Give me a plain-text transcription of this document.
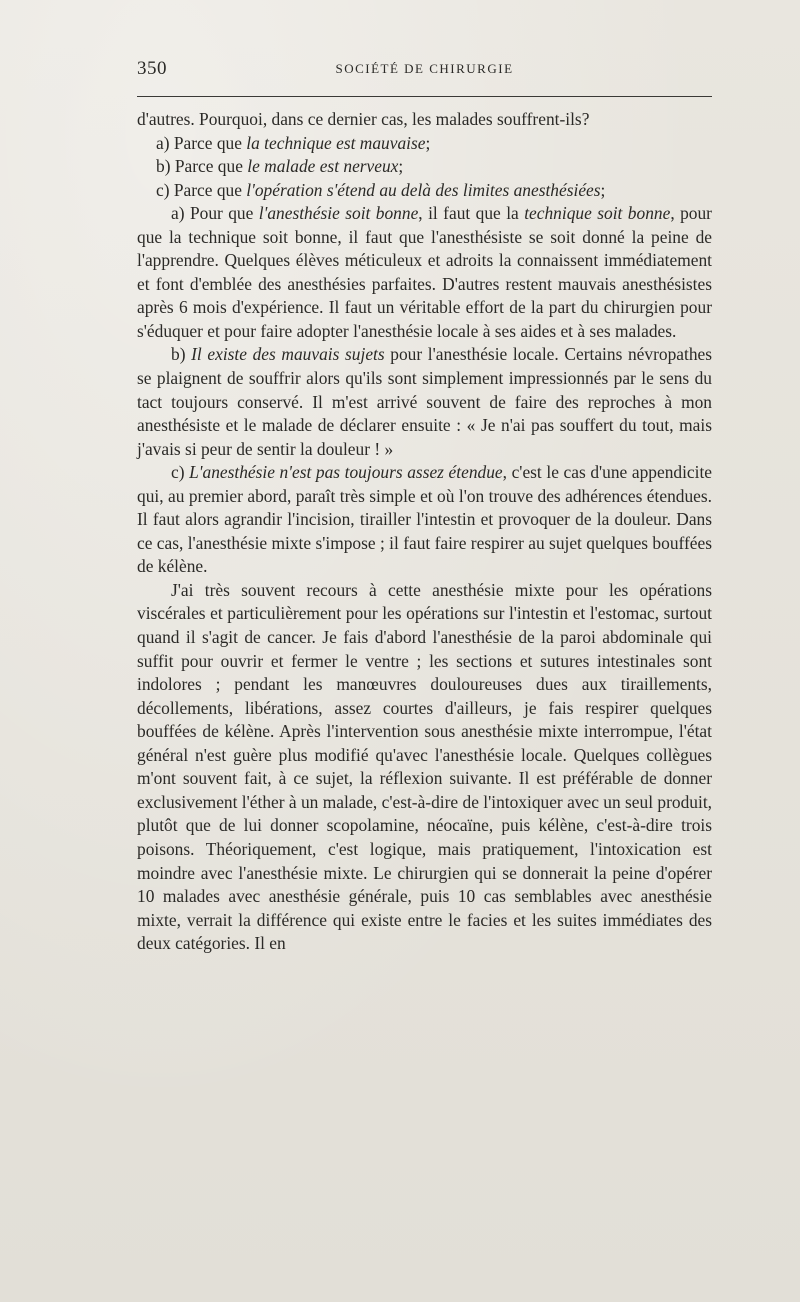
350	SOCIÉTÉ DE CHIRURGIE

d'autres. Pourquoi, dans ce dernier cas, les malades souffrent-ils?

a) Parce que la technique est mauvaise;

b) Parce que le malade est nerveux;

c) Parce que l'opération s'étend au delà des limites anesthésiées;

a) Pour que l'anesthésie soit bonne, il faut que la technique soit bonne, pour que la technique soit bonne, il faut que l'anesthésiste se soit donné la peine de l'apprendre. Quelques élèves méticuleux et adroits la connaissent immédiatement et font d'emblée des anesthésies parfaites. D'autres restent mauvais anesthésistes après 6 mois d'expérience. Il faut un véritable effort de la part du chirurgien pour s'éduquer et pour faire adopter l'anesthésie locale à ses aides et à ses malades.

b) Il existe des mauvais sujets pour l'anesthésie locale. Certains névropathes se plaignent de souffrir alors qu'ils sont simplement impressionnés par le sens du tact toujours conservé. Il m'est arrivé souvent de faire des reproches à mon anesthésiste et le malade de déclarer ensuite : « Je n'ai pas souffert du tout, mais j'avais si peur de sentir la douleur ! »

c) L'anesthésie n'est pas toujours assez étendue, c'est le cas d'une appendicite qui, au premier abord, paraît très simple et où l'on trouve des adhérences étendues. Il faut alors agrandir l'incision, tirailler l'intestin et provoquer de la douleur. Dans ce cas, l'anesthésie mixte s'impose ; il faut faire respirer au sujet quelques bouffées de kélène.

J'ai très souvent recours à cette anesthésie mixte pour les opérations viscérales et particulièrement pour les opérations sur l'intestin et l'estomac, surtout quand il s'agit de cancer. Je fais d'abord l'anesthésie de la paroi abdominale qui suffit pour ouvrir et fermer le ventre ; les sections et sutures intestinales sont indolores ; pendant les manœuvres douloureuses dues aux tiraillements, décollements, libérations, assez courtes d'ailleurs, je fais respirer quelques bouffées de kélène. Après l'intervention sous anesthésie mixte interrompue, l'état général n'est guère plus modifié qu'avec l'anesthésie locale. Quelques collègues m'ont souvent fait, à ce sujet, la réflexion suivante. Il est préférable de donner exclusivement l'éther à un malade, c'est-à-dire de l'intoxiquer avec un seul produit, plutôt que de lui donner scopolamine, néocaïne, puis kélène, c'est-à-dire trois poisons. Théoriquement, c'est logique, mais pratiquement, l'intoxication est moindre avec l'anesthésie mixte. Le chirurgien qui se donnerait la peine d'opérer 10 malades avec anesthésie générale, puis 10 cas semblables avec anesthésie mixte, verrait la différence qui existe entre le facies et les suites immédiates des deux catégories. Il en
